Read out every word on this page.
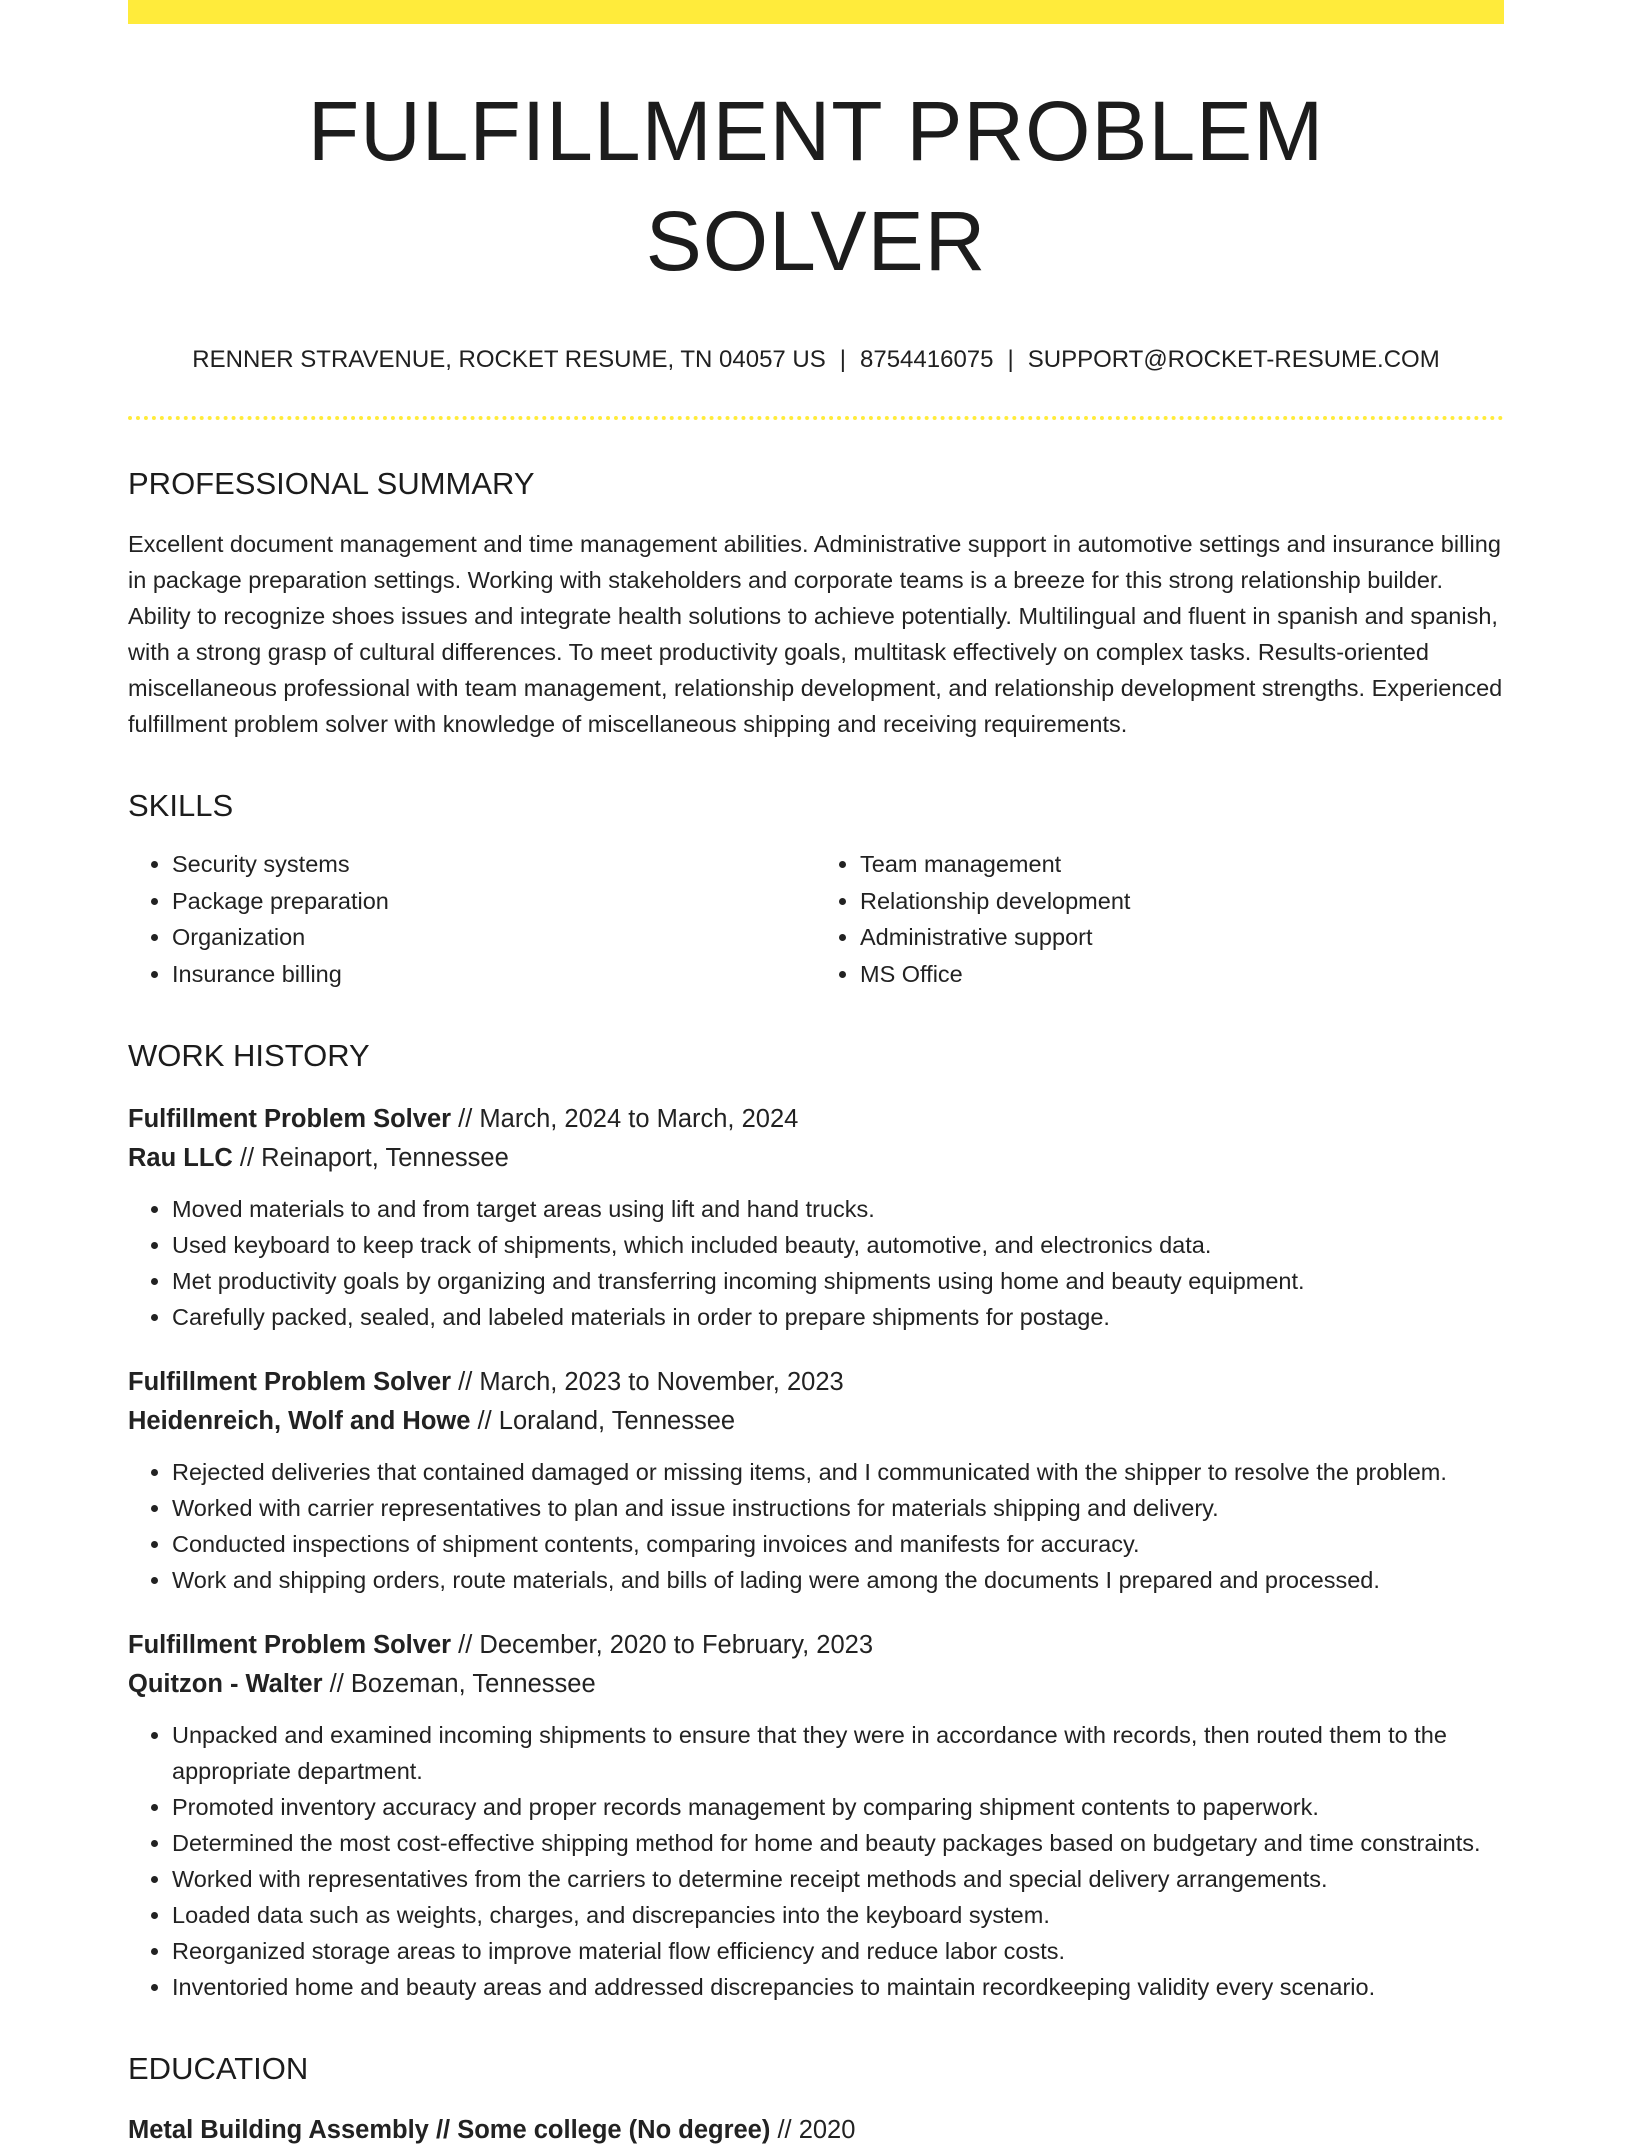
FULFILLMENT PROBLEM SOLVER
RENNER STRAVENUE, ROCKET RESUME, TN 04057 US | 8754416075 | SUPPORT@ROCKET-RESUME.COM
PROFESSIONAL SUMMARY
Excellent document management and time management abilities. Administrative support in automotive settings and insurance billing in package preparation settings. Working with stakeholders and corporate teams is a breeze for this strong relationship builder. Ability to recognize shoes issues and integrate health solutions to achieve potentially. Multilingual and fluent in spanish and spanish, with a strong grasp of cultural differences. To meet productivity goals, multitask effectively on complex tasks. Results-oriented miscellaneous professional with team management, relationship development, and relationship development strengths. Experienced fulfillment problem solver with knowledge of miscellaneous shipping and receiving requirements.
SKILLS
• Security systems
• Package preparation
• Organization
• Insurance billing
• Team management
• Relationship development
• Administrative support
• MS Office
WORK HISTORY
Fulfillment Problem Solver // March, 2024 to March, 2024
Rau LLC // Reinaport, Tennessee
• Moved materials to and from target areas using lift and hand trucks.
• Used keyboard to keep track of shipments, which included beauty, automotive, and electronics data.
• Met productivity goals by organizing and transferring incoming shipments using home and beauty equipment.
• Carefully packed, sealed, and labeled materials in order to prepare shipments for postage.
Fulfillment Problem Solver // March, 2023 to November, 2023
Heidenreich, Wolf and Howe // Loraland, Tennessee
• Rejected deliveries that contained damaged or missing items, and I communicated with the shipper to resolve the problem.
• Worked with carrier representatives to plan and issue instructions for materials shipping and delivery.
• Conducted inspections of shipment contents, comparing invoices and manifests for accuracy.
• Work and shipping orders, route materials, and bills of lading were among the documents I prepared and processed.
Fulfillment Problem Solver // December, 2020 to February, 2023
Quitzon - Walter // Bozeman, Tennessee
• Unpacked and examined incoming shipments to ensure that they were in accordance with records, then routed them to the appropriate department.
• Promoted inventory accuracy and proper records management by comparing shipment contents to paperwork.
• Determined the most cost-effective shipping method for home and beauty packages based on budgetary and time constraints.
• Worked with representatives from the carriers to determine receipt methods and special delivery arrangements.
• Loaded data such as weights, charges, and discrepancies into the keyboard system.
• Reorganized storage areas to improve material flow efficiency and reduce labor costs.
• Inventoried home and beauty areas and addressed discrepancies to maintain recordkeeping validity every scenario.
EDUCATION
Metal Building Assembly // Some college (No degree) // 2020
